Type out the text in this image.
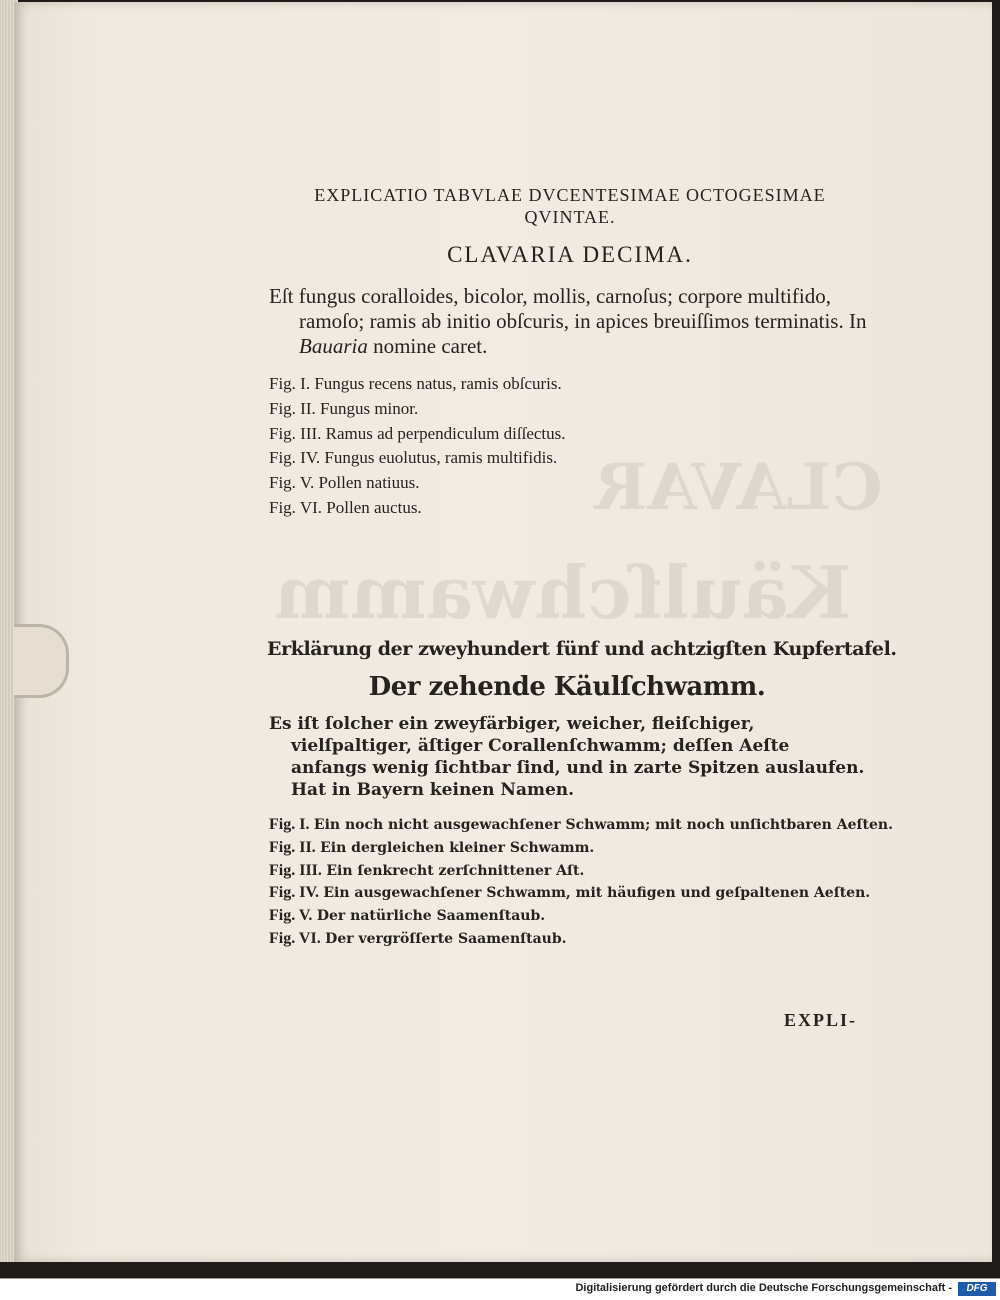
CLAVAR
Käulſchwamm
EXPLICATIO TABVLAE DVCENTESIMAE OCTOGESIMAE
QVINTAE.
CLAVARIA DECIMA.

Eſt fungus coralloides, bicolor, mollis, carnoſus; corpore multifido, ramoſo; ramis ab initio obſcuris, in apices breuiſſimos terminatis. In Bauaria nomine caret.

Fig. I. Fungus recens natus, ramis obſcuris.
Fig. II. Fungus minor.
Fig. III. Ramus ad perpendiculum diſſectus.
Fig. IV. Fungus euolutus, ramis multifidis.
Fig. V. Pollen natiuus.
Fig. VI. Pollen auctus.
Erklärung der zweyhundert fünf und achtzigſten Kupfertafel.
Der zehende Käulſchwamm.

Es iſt ſolcher ein zweyfärbiger, weicher, fleiſchiger, vielſpaltiger, äſtiger Corallenſchwamm; deſſen Aeſte anfangs wenig ſichtbar ſind, und in zarte Spitzen auslaufen. Hat in Bayern keinen Namen.

Fig. I. Ein noch nicht ausgewachſener Schwamm; mit noch unſichtbaren Aeſten.
Fig. II. Ein dergleichen kleiner Schwamm.
Fig. III. Ein ſenkrecht zerſchnittener Aſt.
Fig. IV. Ein ausgewachſener Schwamm, mit häufigen und geſpaltenen Aeſten.
Fig. V. Der natürliche Saamenſtaub.
Fig. VI. Der vergröſſerte Saamenſtaub.
EXPLI-
Digitalisierung gefördert durch die Deutsche Forschungsgemeinschaft -	DFG
